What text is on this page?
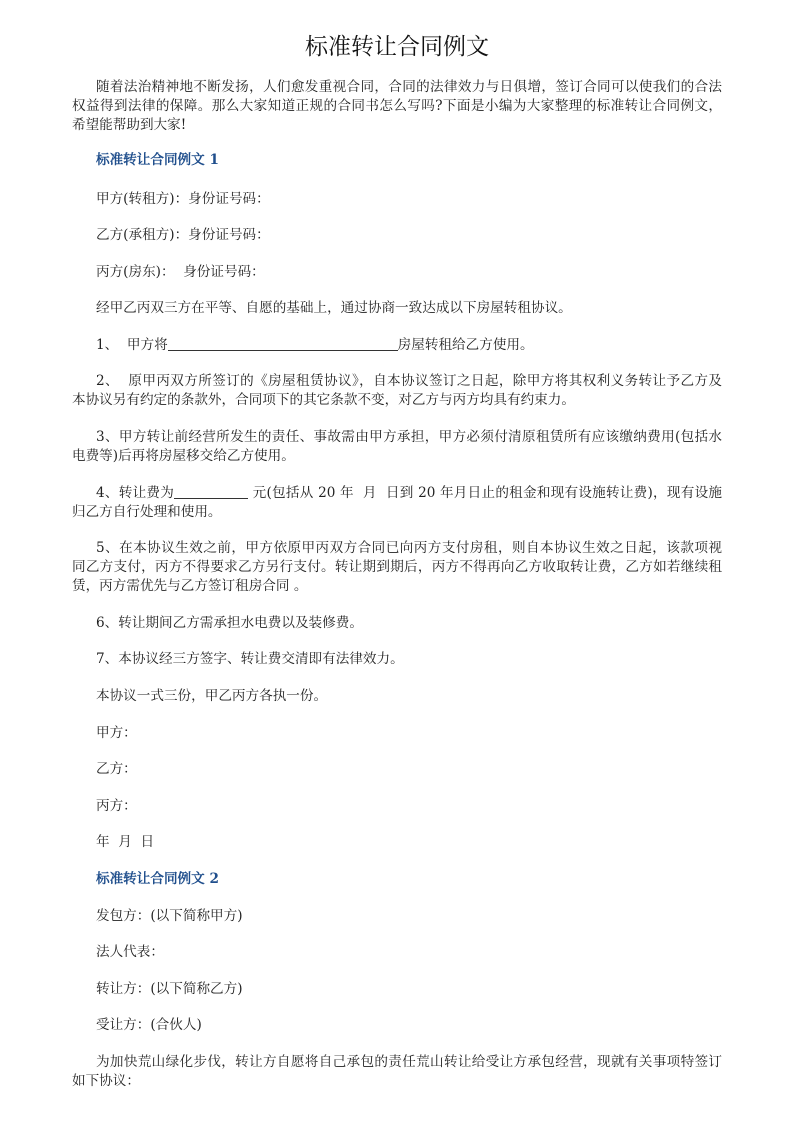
标准转让合同例文
随着法治精神地不断发扬，人们愈发重视合同，合同的法律效力与日俱增，签订合同可以使我们的合法
权益得到法律的保障。那么大家知道正规的合同书怎么写吗?下面是小编为大家整理的标准转让合同例文，
希望能帮助到大家!
标准转让合同例文 1
甲方(转租方)：身份证号码：
乙方(承租方)：身份证号码：
丙方(房东)：  身份证号码：
经甲乙丙双三方在平等、自愿的基础上，通过协商一致达成以下房屋转租协议。
1、  甲方将	房屋转租给乙方使用。
2、  原甲丙双方所签订的《房屋租赁协议》，自本协议签订之日起，除甲方将其权利义务转让予乙方及
本协议另有约定的条款外，合同项下的其它条款不变，对乙方与丙方均具有约束力。
3、甲方转让前经营所发生的责任、事故需由甲方承担，甲方必须付清原租赁所有应该缴纳费用(包括水
电费等)后再将房屋移交给乙方使用。
4、转让费为	元(包括从 20 年  月  日到 20 年月日止的租金和现有设施转让费)，现有设施
归乙方自行处理和使用。
5、在本协议生效之前，甲方依原甲丙双方合同已向丙方支付房租，则自本协议生效之日起，该款项视
同乙方支付，丙方不得要求乙方另行支付。转让期到期后，丙方不得再向乙方收取转让费，乙方如若继续租
赁，丙方需优先与乙方签订租房合同 。
6、转让期间乙方需承担水电费以及装修费。
7、本协议经三方签字、转让费交清即有法律效力。
本协议一式三份，甲乙丙方各执一份。
甲方：
乙方：
丙方：
年  月  日
标准转让合同例文 2
发包方：(以下简称甲方)
法人代表：
转让方：(以下简称乙方)
受让方：(合伙人)
为加快荒山绿化步伐，转让方自愿将自己承包的责任荒山转让给受让方承包经营，现就有关事项特签订
如下协议：
